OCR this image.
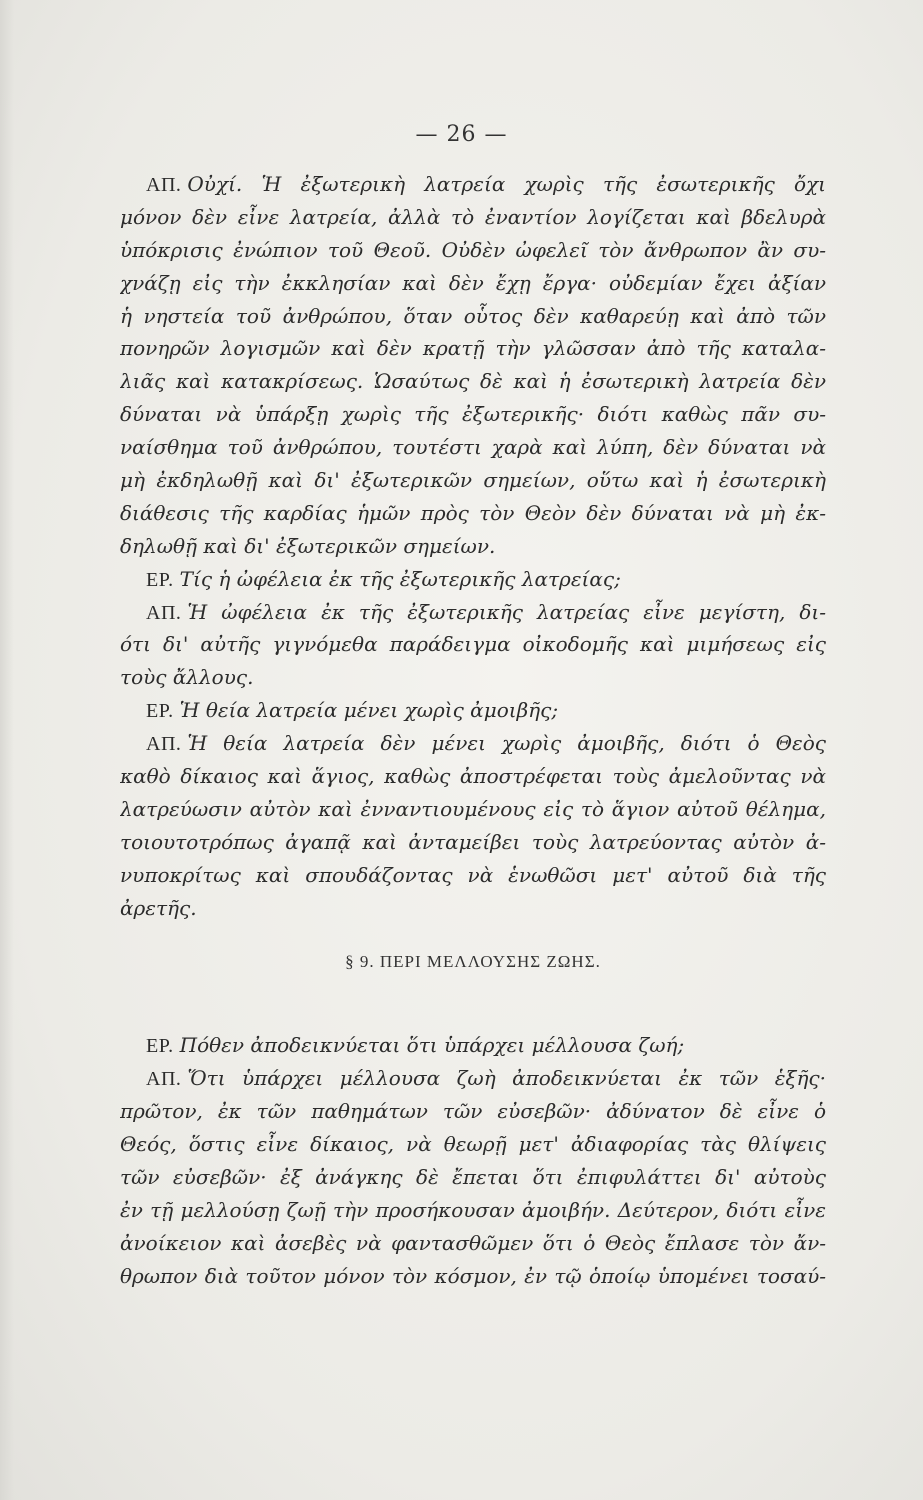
— 26 —
ΑΠ. Οὐχί. Ἡ ἐξωτερικὴ λατρεία χωρὶς τῆς ἐσωτερικῆς ὄχι
μόνον δὲν εἶνε λατρεία, ἀλλὰ τὸ ἐναντίον λογίζεται καὶ βδελυρὰ
ὑπόκρισις ἐνώπιον τοῦ Θεοῦ. Οὐδὲν ὠφελεῖ τὸν ἄνθρωπον ἂν συ-
χνάζῃ εἰς τὴν ἐκκλησίαν καὶ δὲν ἔχῃ ἔργα· οὐδεμίαν ἔχει ἀξίαν
ἡ νηστεία τοῦ ἀνθρώπου, ὅταν οὗτος δὲν καθαρεύῃ καὶ ἀπὸ τῶν
πονηρῶν λογισμῶν καὶ δὲν κρατῇ τὴν γλῶσσαν ἀπὸ τῆς καταλα-
λιᾶς καὶ κατακρίσεως. Ὡσαύτως δὲ καὶ ἡ ἐσωτερικὴ λατρεία δὲν
δύναται νὰ ὑπάρξῃ χωρὶς τῆς ἐξωτερικῆς· διότι καθὼς πᾶν συ-
ναίσθημα τοῦ ἀνθρώπου, τουτέστι χαρὰ καὶ λύπη, δὲν δύναται νὰ
μὴ ἐκδηλωθῇ καὶ δι' ἐξωτερικῶν σημείων, οὕτω καὶ ἡ ἐσωτερικὴ
διάθεσις τῆς καρδίας ἡμῶν πρὸς τὸν Θεὸν δὲν δύναται νὰ μὴ ἐκ-
δηλωθῇ καὶ δι' ἐξωτερικῶν σημείων.
ΕΡ. Τίς ἡ ὠφέλεια ἐκ τῆς ἐξωτερικῆς λατρείας;
ΑΠ. Ἡ ὠφέλεια ἐκ τῆς ἐξωτερικῆς λατρείας εἶνε μεγίστη, δι-
ότι δι' αὐτῆς γιγνόμεθα παράδειγμα οἰκοδομῆς καὶ μιμήσεως εἰς
τοὺς ἄλλους.
ΕΡ. Ἡ θεία λατρεία μένει χωρὶς ἀμοιβῆς;
ΑΠ. Ἡ θεία λατρεία δὲν μένει χωρὶς ἀμοιβῆς, διότι ὁ Θεὸς
καθὸ δίκαιος καὶ ἅγιος, καθὼς ἀποστρέφεται τοὺς ἀμελοῦντας νὰ
λατρεύωσιν αὐτὸν καὶ ἐνναντιουμένους εἰς τὸ ἅγιον αὐτοῦ θέλημα,
τοιουτοτρόπως ἀγαπᾷ καὶ ἀνταμείβει τοὺς λατρεύοντας αὐτὸν ἀ-
νυποκρίτως καὶ σπουδάζοντας νὰ ἑνωθῶσι μετ' αὐτοῦ διὰ τῆς
ἀρετῆς.
§ 9. ΠΕΡΙ ΜΕΛΛΟΥΣΗΣ ΖΩΗΣ.
ΕΡ. Πόθεν ἀποδεικνύεται ὅτι ὑπάρχει μέλλουσα ζωή;
ΑΠ. Ὅτι ὑπάρχει μέλλουσα ζωὴ ἀποδεικνύεται ἐκ τῶν ἑξῆς·
πρῶτον, ἐκ τῶν παθημάτων τῶν εὐσεβῶν· ἀδύνατον δὲ εἶνε ὁ
Θεός, ὅστις εἶνε δίκαιος, νὰ θεωρῇ μετ' ἀδιαφορίας τὰς θλίψεις
τῶν εὐσεβῶν· ἐξ ἀνάγκης δὲ ἔπεται ὅτι ἐπιφυλάττει δι' αὐτοὺς
ἐν τῇ μελλούσῃ ζωῇ τὴν προσήκουσαν ἀμοιβήν. Δεύτερον, διότι εἶνε
ἀνοίκειον καὶ ἀσεβὲς νὰ φαντασθῶμεν ὅτι ὁ Θεὸς ἔπλασε τὸν ἄν-
θρωπον διὰ τοῦτον μόνον τὸν κόσμον, ἐν τῷ ὁποίῳ ὑπομένει τοσαύ-
